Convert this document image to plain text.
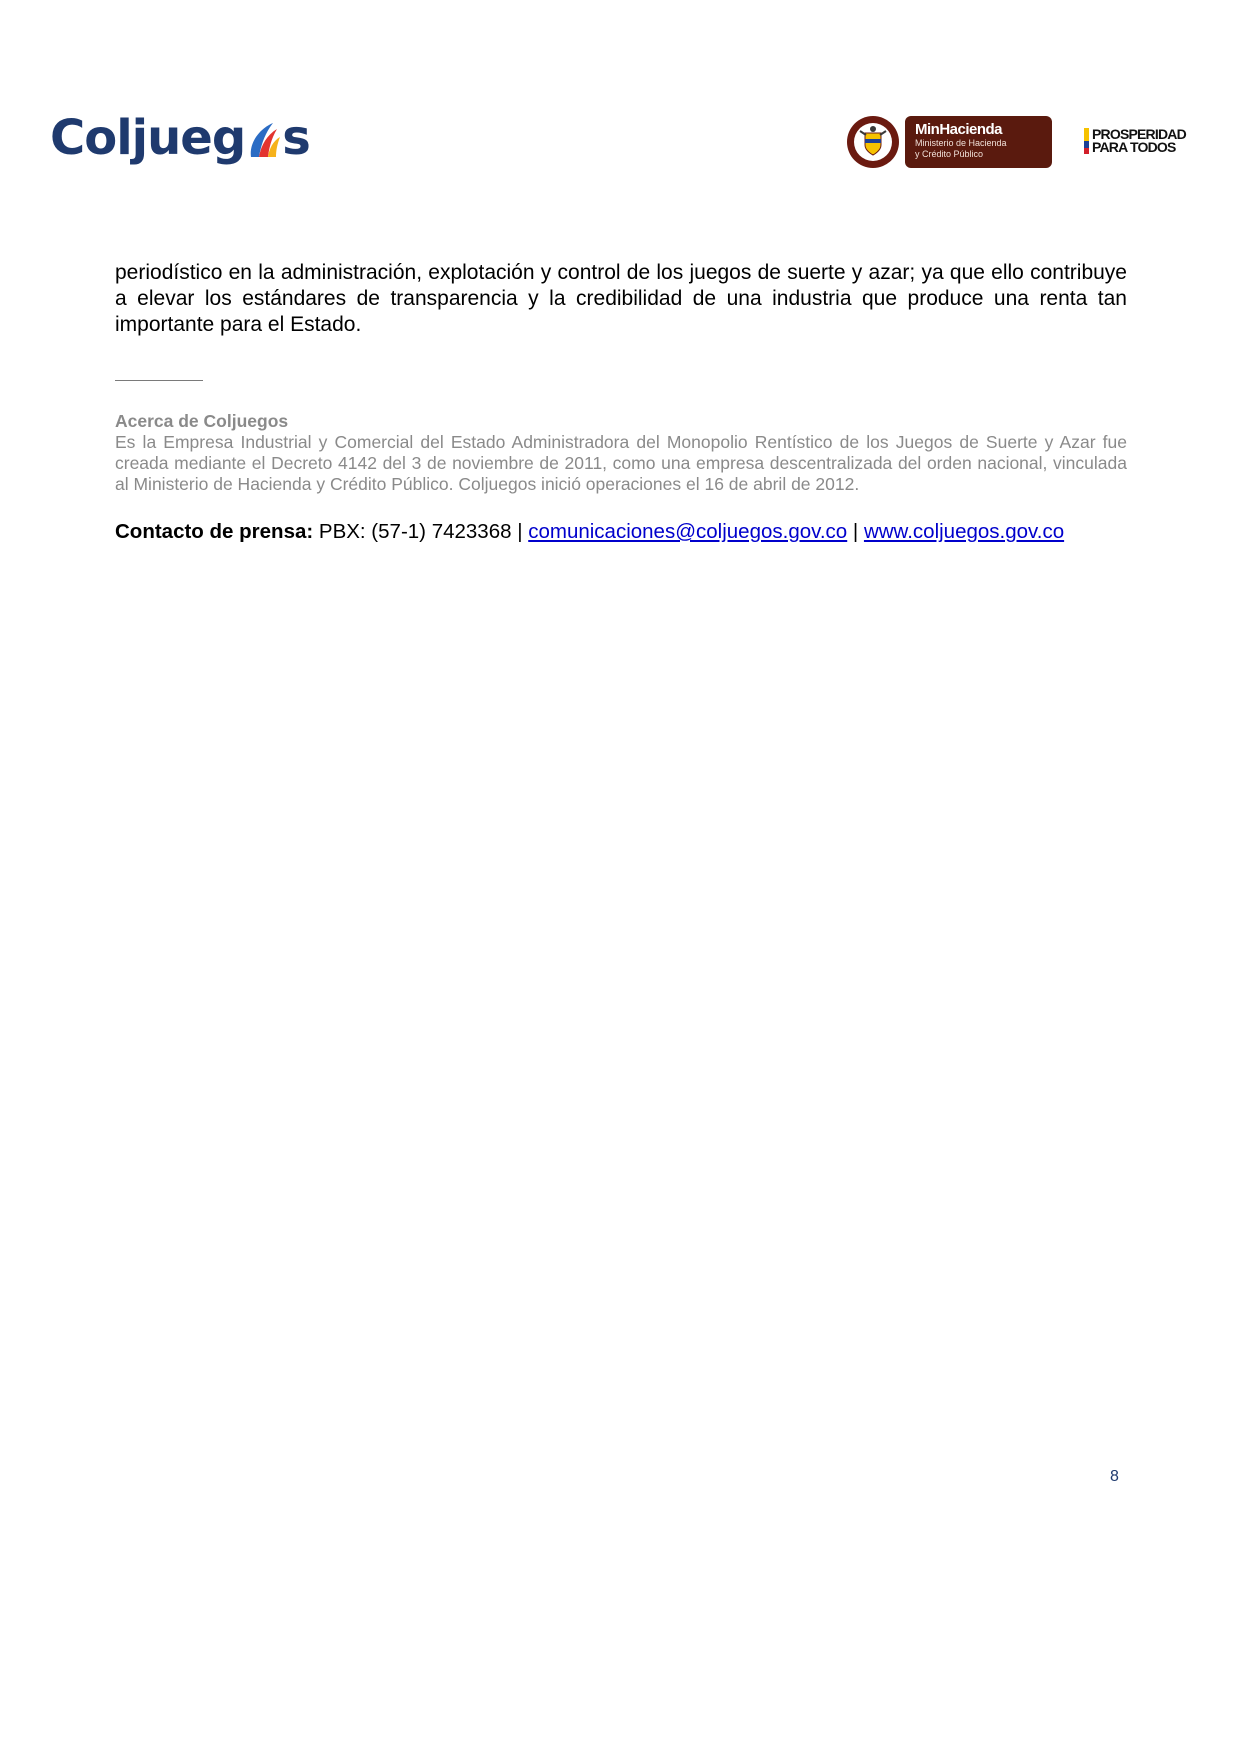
Coljueg s	MinHacienda
Ministerio de Hacienda
y Crédito Público
PROSPERIDAD
PARA TODOS

periodístico en la administración, explotación y control de los juegos de suerte y azar; ya que ello contribuye a elevar los estándares de transparencia y la credibilidad de una industria que produce una renta tan importante para el Estado.

Acerca de Coljuegos

Es la Empresa Industrial y Comercial del Estado Administradora del Monopolio Rentístico de los Juegos de Suerte y Azar fue creada mediante el Decreto 4142 del 3 de noviembre de 2011, como una empresa descentralizada del orden nacional, vinculada al Ministerio de Hacienda y Crédito Público. Coljuegos inició operaciones el 16 de abril de 2012.

Contacto de prensa: PBX: (57-1) 7423368 | comunicaciones@coljuegos.gov.co | www.coljuegos.gov.co
8
